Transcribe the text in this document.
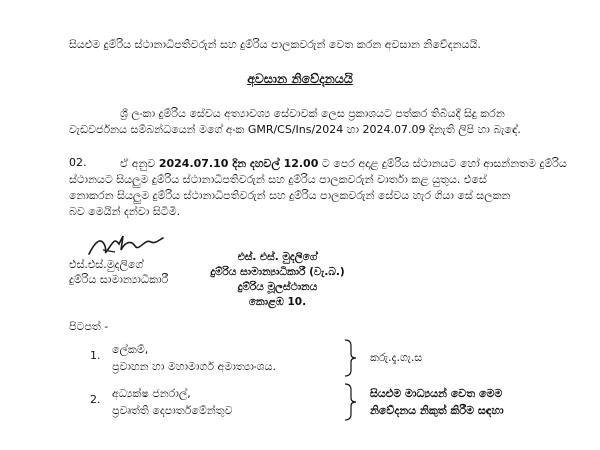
සියළුම දුම්රිය ස්ථානාධිපතිවරුන් සහ දුම්රිය පාලකවරුන් වෙත කරන අවසාන නිවේදනයයි.
අවසාන නිවේදනයයි
ශ්‍රී ලංකා දුම්රිය සේවය අත්‍යාවශ්‍ය සේවාවක් ලෙස ප්‍රකාශයට පත්කර තිබියදී සිදු කරන
වැඩවර්ජනය සම්බන්ධයෙන් මගේ අංක GMR/CS/Ins/2024 හා 2024.07.09 දිනැති ලිපි හා බැඳේ.
02.	ඒ අනුව 2024.07.10 දින දහවල් 12.00 ට පෙර අදාළ දුම්රිය ස්ථානයට හෝ ආසන්නතම දුම්රිය
ස්ථානයට සියලුම දුම්රිය ස්ථානාධිපතිවරුන් සහ දුම්රිය පාලකවරුන් වාර්තා කළ යුතුය. එසේ
නොකරන සියලුම දුම්රිය ස්ථානාධිපතිවරුන් සහ දුම්රිය පාලකවරුන් සේවය හැර ගියා සේ සලකන
බව මෙයින් දන්වා සිටිමි.
එස්.එස්.මුදලිගේ
දුම්රිය සාමාන්‍යාධිකාරී
එස්. එස්. මුදලිගේ
දුම්රිය සාමාන්‍යාධිකාරී (වැ.බ.)
දුම්රිය මූලස්ථානය
කොළඹ 10.
පිටපත් -
1. ලේකම්,
ප්‍රවාහන හා මහාමාර්ග අමාත්‍යාංශය.
කරු.දැ.ගැ.ස
2. අධ්‍යක්ෂ ජනරාල්,
ප්‍රවෘත්ති දෙපාර්තමේන්තුව
සියළුම මාධ්‍යයන් වෙත මෙම
නිවේදනය නිකුත් කිරීම සඳහා
